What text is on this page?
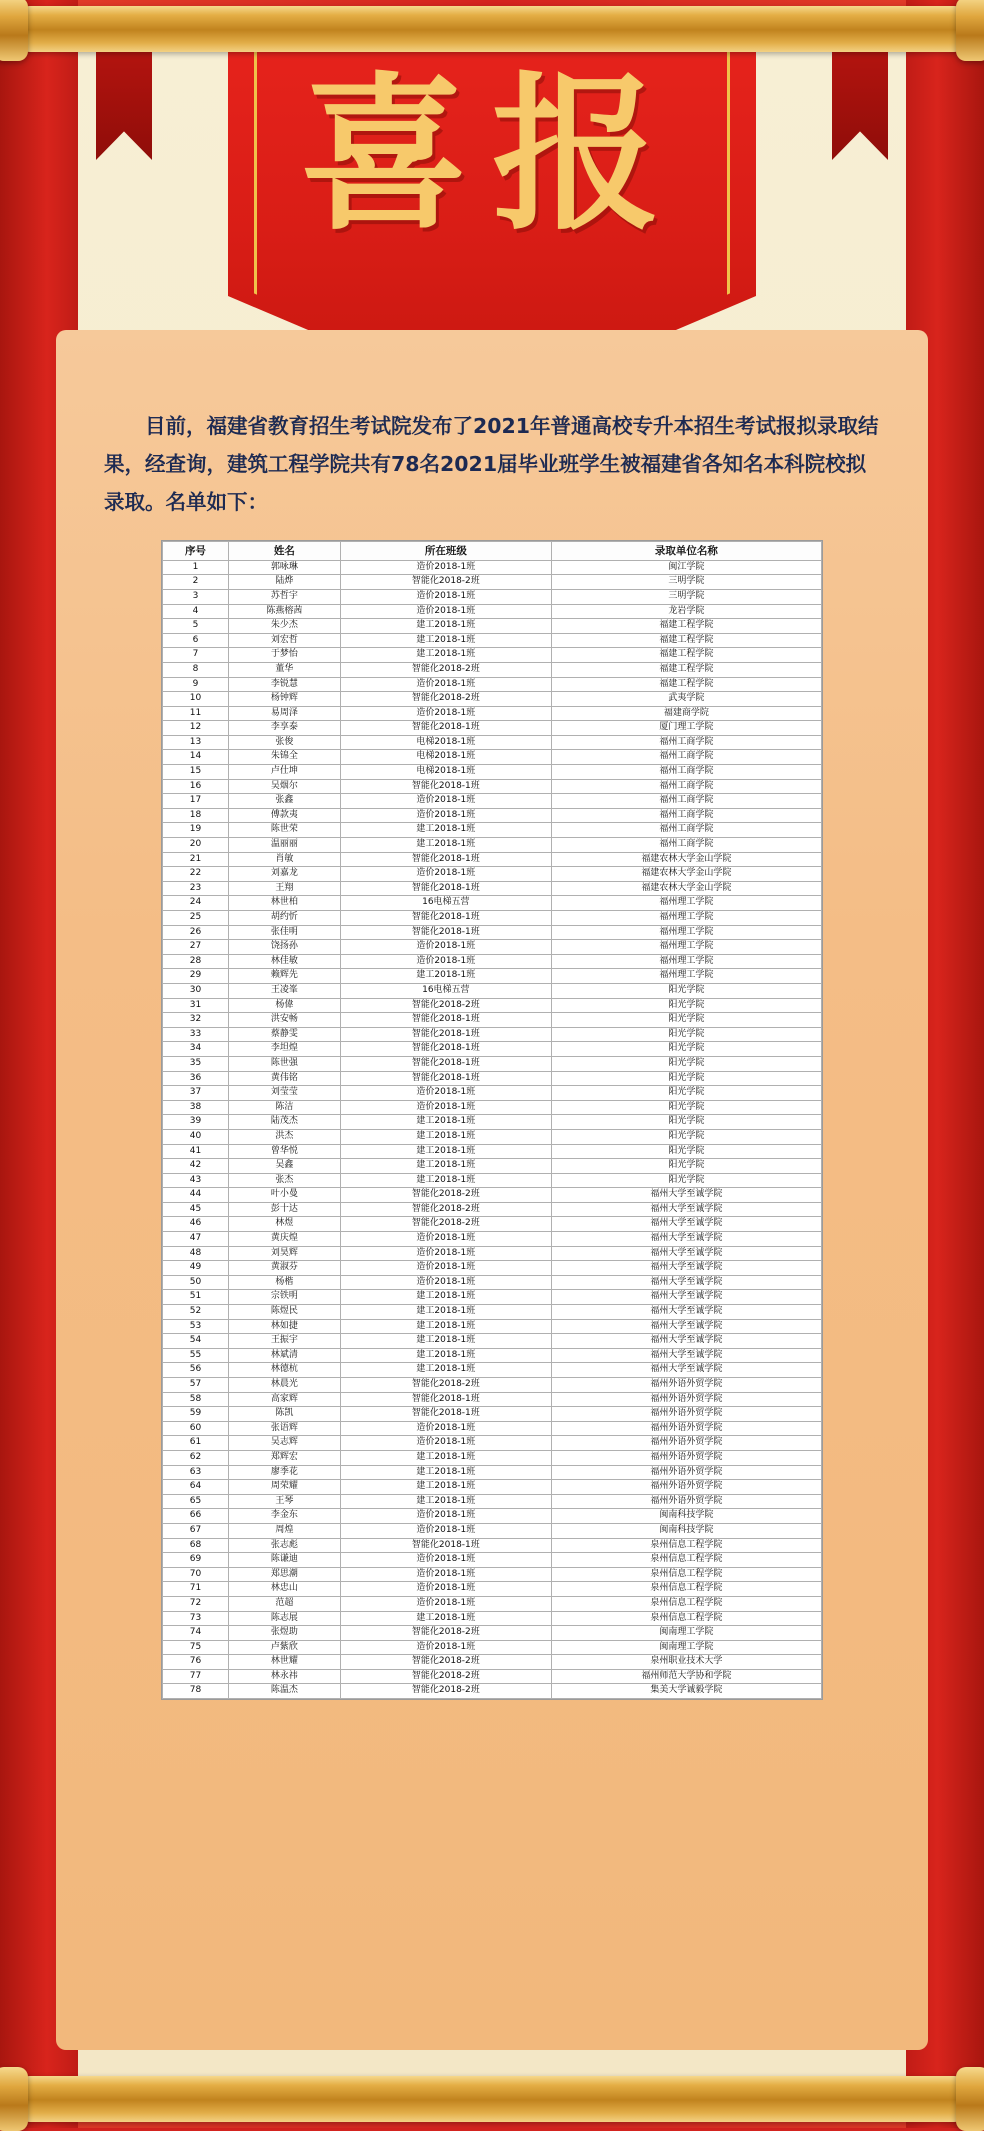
喜报

目前，福建省教育招生考试院发布了2021年普通高校专升本招生考试报拟录取结果，经查询，建筑工程学院共有78名2021届毕业班学生被福建省各知名本科院校拟录取。名单如下：

序号	姓名	所在班级	录取单位名称
1	郭咏琳	造价2018-1班	闽江学院
2	陆烨	智能化2018-2班	三明学院
3	苏哲宇	造价2018-1班	三明学院
4	陈燕榕茜	造价2018-1班	龙岩学院
5	朱少杰	建工2018-1班	福建工程学院
6	刘宏哲	建工2018-1班	福建工程学院
7	于梦怡	建工2018-1班	福建工程学院
8	董华	智能化2018-2班	福建工程学院
9	李锐慧	造价2018-1班	福建工程学院
10	杨钟辉	智能化2018-2班	武夷学院
11	易周泽	造价2018-1班	福建商学院
12	李享泰	智能化2018-1班	厦门理工学院
13	张俊	电梯2018-1班	福州工商学院
14	朱锦全	电梯2018-1班	福州工商学院
15	卢仕坤	电梯2018-1班	福州工商学院
16	吴烟尔	智能化2018-1班	福州工商学院
17	张鑫	造价2018-1班	福州工商学院
18	傅款夷	造价2018-1班	福州工商学院
19	陈世荣	建工2018-1班	福州工商学院
20	温丽丽	建工2018-1班	福州工商学院
21	肖敏	智能化2018-1班	福建农林大学金山学院
22	刘嘉龙	造价2018-1班	福建农林大学金山学院
23	王翔	智能化2018-1班	福建农林大学金山学院
24	林世柏	16电梯五营	福州理工学院
25	胡约忻	智能化2018-1班	福州理工学院
26	张佳明	智能化2018-1班	福州理工学院
27	饶扬孙	造价2018-1班	福州理工学院
28	林佳敏	造价2018-1班	福州理工学院
29	赖辉先	建工2018-1班	福州理工学院
30	王凌峯	16电梯五营	阳光学院
31	杨偉	智能化2018-2班	阳光学院
32	洪安畅	智能化2018-1班	阳光学院
33	蔡静雯	智能化2018-1班	阳光学院
34	李坦煌	智能化2018-1班	阳光学院
35	陈世强	智能化2018-1班	阳光学院
36	黄伟铭	智能化2018-1班	阳光学院
37	刘莹莹	造价2018-1班	阳光学院
38	陈洁	造价2018-1班	阳光学院
39	陆茂杰	建工2018-1班	阳光学院
40	洪杰	建工2018-1班	阳光学院
41	曾华悦	建工2018-1班	阳光学院
42	吴鑫	建工2018-1班	阳光学院
43	张杰	建工2018-1班	阳光学院
44	叶小曼	智能化2018-2班	福州大学至诚学院
45	彭十达	智能化2018-2班	福州大学至诚学院
46	林煜	智能化2018-2班	福州大学至诚学院
47	黄庆煌	造价2018-1班	福州大学至诚学院
48	刘昊辉	造价2018-1班	福州大学至诚学院
49	黄淑芬	造价2018-1班	福州大学至诚学院
50	杨楷	造价2018-1班	福州大学至诚学院
51	宗铁明	建工2018-1班	福州大学至诚学院
52	陈煜民	建工2018-1班	福州大学至诚学院
53	林如捷	建工2018-1班	福州大学至诚学院
54	王振宇	建工2018-1班	福州大学至诚学院
55	林斌清	建工2018-1班	福州大学至诚学院
56	林德杭	建工2018-1班	福州大学至诚学院
57	林晨光	智能化2018-2班	福州外语外贸学院
58	高家辉	智能化2018-1班	福州外语外贸学院
59	陈凯	智能化2018-1班	福州外语外贸学院
60	张语辉	造价2018-1班	福州外语外贸学院
61	吴志辉	造价2018-1班	福州外语外贸学院
62	郑辉宏	建工2018-1班	福州外语外贸学院
63	廖季花	建工2018-1班	福州外语外贸学院
64	周荣耀	建工2018-1班	福州外语外贸学院
65	王琴	建工2018-1班	福州外语外贸学院
66	李金东	造价2018-1班	闽南科技学院
67	周煌	造价2018-1班	闽南科技学院
68	张志彪	智能化2018-1班	泉州信息工程学院
69	陈谦迪	造价2018-1班	泉州信息工程学院
70	郑思潮	造价2018-1班	泉州信息工程学院
71	林忠山	造价2018-1班	泉州信息工程学院
72	范超	造价2018-1班	泉州信息工程学院
73	陈志展	建工2018-1班	泉州信息工程学院
74	张煜助	智能化2018-2班	闽南理工学院
75	卢紫欣	造价2018-1班	闽南理工学院
76	林世耀	智能化2018-2班	泉州职业技术大学
77	林永祎	智能化2018-2班	福州师范大学协和学院
78	陈温杰	智能化2018-2班	集美大学诚毅学院
